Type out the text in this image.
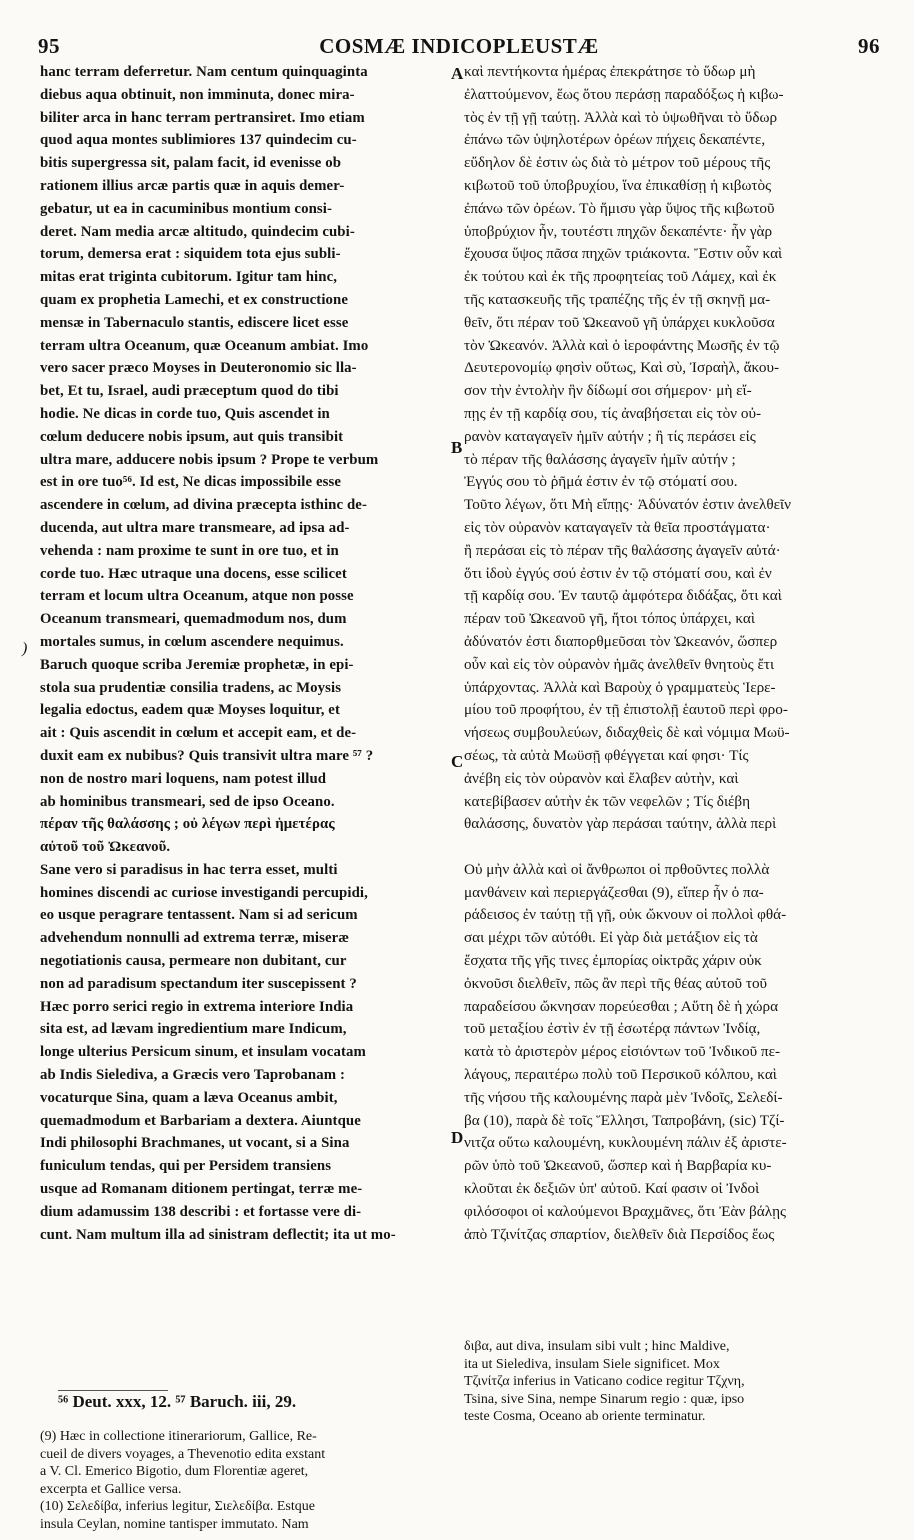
95	COSMÆ INDICOPLEUSTÆ	96
hanc terram deferretur. Nam centum quinquaginta
diebus aqua obtinuit, non imminuta, donec mira-
biliter arca in hanc terram pertransiret. Imo etiam
quod aqua montes sublimiores 137 quindecim cu-
bitis supergressa sit, palam facit, id evenisse ob
rationem illius arcæ partis quæ in aquis demer-
gebatur, ut ea in cacuminibus montium consi-
deret. Nam media arcæ altitudo, quindecim cubi-
torum, demersa erat : siquidem tota ejus subli-
mitas erat triginta cubitorum. Igitur tam hinc,
quam ex prophetia Lamechi, et ex constructione
mensæ in Tabernaculo stantis, ediscere licet esse
terram ultra Oceanum, quæ Oceanum ambiat. Imo
vero sacer præco Moyses in Deuteronomio sic lla-
bet, Et tu, Israel, audi præceptum quod do tibi
hodie. Ne dicas in corde tuo, Quis ascendet in
cœlum deducere nobis ipsum, aut quis transibit
ultra mare, adducere nobis ipsum ? Prope te verbum
est in ore tuo⁵⁶. Id est, Ne dicas impossibile esse
ascendere in cœlum, ad divina præcepta isthinc de-
ducenda, aut ultra mare transmeare, ad ipsa ad-
vehenda : nam proxime te sunt in ore tuo, et in
corde tuo. Hæc utraque una docens, esse scilicet
terram et locum ultra Oceanum, atque non posse
Oceanum transmeari, quemadmodum nos, dum
mortales sumus, in cœlum ascendere nequimus.
Baruch quoque scriba Jeremiæ prophetæ, in epi-
stola sua prudentiæ consilia tradens, ac Moysis
legalia edoctus, eadem quæ Moyses loquitur, et
ait : Quis ascendit in cœlum et accepit eam, et de-
duxit eam ex nubibus? Quis transivit ultra mare ⁵⁷ ?
non de nostro mari loquens, nam potest illud
ab hominibus transmeari, sed de ipso Oceano.
πέραν τῆς θαλάσσης ; οὐ λέγων περὶ ἡμετέρας
αὐτοῦ τοῦ Ὠκεανοῦ.
Sane vero si paradisus in hac terra esset, multi
homines discendi ac curiose investigandi percupidi,
eo usque peragrare tentassent. Nam si ad sericum
advehendum nonnulli ad extrema terræ, miseræ
negotiationis causa, permeare non dubitant, cur
non ad paradisum spectandum iter suscepissent ?
Hæc porro serici regio in extrema interiore India
sita est, ad lævam ingredientium mare Indicum,
longe ulterius Persicum sinum, et insulam vocatam
ab Indis Sielediva, a Græcis vero Taprobanam :
vocaturque Sina, quam a læva Oceanus ambit,
quemadmodum et Barbariam a dextera. Aiuntque
Indi philosophi Brachmanes, ut vocant, si a Sina
funiculum tendas, qui per Persidem transiens
usque ad Romanam ditionem pertingat, terræ me-
dium adamussim 138 describi : et fortasse vere di-
cunt. Nam multum illa ad sinistram deflectit; ita ut mo-
καὶ πεντήκοντα ἡμέρας ἐπεκράτησε τὸ ὕδωρ μὴ
ἐλαττούμενον, ἕως ὅτου περάσῃ παραδόξως ἡ κιβω-
τὸς ἐν τῇ γῇ ταύτῃ. Ἀλλὰ καὶ τὸ ὑψωθῆναι τὸ ὕδωρ
ἐπάνω τῶν ὑψηλοτέρων ὀρέων πήχεις δεκαπέντε,
εὔδηλον δὲ ἐστιν ὡς διὰ τὸ μέτρον τοῦ μέρους τῆς
κιβωτοῦ τοῦ ὑποβρυχίου, ἵνα ἐπικαθίσῃ ἡ κιβωτὸς
ἐπάνω τῶν ὀρέων. Τὸ ἥμισυ γὰρ ὕψος τῆς κιβωτοῦ
ὑποβρύχιον ἦν, τουτέστι πηχῶν δεκαπέντε· ἦν γὰρ
ἔχουσα ὕψος πᾶσα πηχῶν τριάκοντα. Ἔστιν οὖν καὶ
ἐκ τούτου καὶ ἐκ τῆς προφητείας τοῦ Λάμεχ, καὶ ἐκ
τῆς κατασκευῆς τῆς τραπέζης τῆς ἐν τῇ σκηνῇ μα-
θεῖν, ὅτι πέραν τοῦ Ὠκεανοῦ γῆ ὑπάρχει κυκλοῦσα
τὸν Ὠκεανόν. Ἀλλὰ καὶ ὁ ἱεροφάντης Μωσῆς ἐν τῷ
Δευτερονομίῳ φησὶν οὕτως, Καὶ σὺ, Ἰσραὴλ, ἄκου-
σον τὴν ἐντολὴν ἣν δίδωμί σοι σήμερον· μὴ εἴ-
πῃς ἐν τῇ καρδίᾳ σου, τίς ἀναβήσεται εἰς τὸν οὐ-
ρανὸν καταγαγεῖν ἡμῖν αὐτήν ; ἢ τίς περάσει εἰς
τὸ πέραν τῆς θαλάσσης ἀγαγεῖν ἡμῖν αὐτήν ;
Ἐγγύς σου τὸ ῥῆμά ἐστιν ἐν τῷ στόματί σου.
Τοῦτο λέγων, ὅτι Μὴ εἴπῃς· Ἀδύνατόν ἐστιν ἀνελθεῖν
εἰς τὸν οὐρανὸν καταγαγεῖν τὰ θεῖα προστάγματα·
ἢ περάσαι εἰς τὸ πέραν τῆς θαλάσσης ἀγαγεῖν αὐτά·
ὅτι ἰδοὺ ἐγγύς σού ἐστιν ἐν τῷ στόματί σου, καὶ ἐν
τῇ καρδίᾳ σου. Ἐν ταυτῷ ἀμφότερα διδάξας, ὅτι καὶ
πέραν τοῦ Ὠκεανοῦ γῆ, ἤτοι τόπος ὑπάρχει, καὶ
ἀδύνατόν ἐστι διαπορθμεῦσαι τὸν Ὠκεανόν, ὥσπερ
οὖν καὶ εἰς τὸν οὐρανὸν ἡμᾶς ἀνελθεῖν θνητοὺς ἔτι
ὑπάρχοντας. Ἀλλὰ καὶ Βαροὺχ ὁ γραμματεὺς Ἱερε-
μίου τοῦ προφήτου, ἐν τῇ ἐπιστολῇ ἑαυτοῦ περὶ φρο-
νήσεως συμβουλεύων, διδαχθεὶς δὲ καὶ νόμιμα Μωϋ-
σέως, τὰ αὐτὰ Μωϋσῇ φθέγγεται καί φησι· Τίς
ἀνέβη εἰς τὸν οὐρανὸν καὶ ἔλαβεν αὐτὴν, καὶ
κατεβίβασεν αὐτὴν ἐκ τῶν νεφελῶν ; Τίς διέβη
θαλάσσης, δυνατὸν γὰρ περάσαι ταύτην, ἀλλὰ περὶ
Οὐ μὴν ἀλλὰ καὶ οἱ ἄνθρωποι οἱ πρθοῦντες πολλὰ
μανθάνειν καὶ περιεργάζεσθαι (9), εἴπερ ἦν ὁ πα-
ράδεισος ἐν ταύτῃ τῇ γῇ, οὐκ ὤκνουν οἱ πολλοὶ φθά-
σαι μέχρι τῶν αὐτόθι. Εἰ γὰρ διὰ μετάξιον εἰς τὰ
ἔσχατα τῆς γῆς τινες ἐμπορίας οἰκτρᾶς χάριν οὐκ
ὀκνοῦσι διελθεῖν, πῶς ἂν περὶ τῆς θέας αὐτοῦ τοῦ
παραδείσου ὤκνησαν πορεύεσθαι ; Αὕτη δὲ ἡ χώρα
τοῦ μεταξίου ἐστὶν ἐν τῇ ἐσωτέρᾳ πάντων Ἰνδίᾳ,
κατὰ τὸ ἀριστερὸν μέρος εἰσιόντων τοῦ Ἰνδικοῦ πε-
λάγους, περαιτέρω πολὺ τοῦ Περσικοῦ κόλπου, καὶ
τῆς νήσου τῆς καλουμένης παρὰ μὲν Ἰνδοῖς, Σελεδί-
βα (10), παρὰ δὲ τοῖς Ἕλλησι, Ταπροβάνη, (sic) Τζί-
νιτζα οὕτω καλουμένη, κυκλουμένη πάλιν ἐξ ἀριστε-
ρῶν ὑπὸ τοῦ Ὠκεανοῦ, ὥσπερ καὶ ἡ Βαρβαρία κυ-
κλοῦται ἐκ δεξιῶν ὑπ' αὐτοῦ. Καί φασιν οἱ Ἰνδοὶ
φιλόσοφοι οἱ καλούμενοι Βραχμᾶνες, ὅτι Ἐὰν βάλῃς
ἀπὸ Τζινίτζας σπαρτίον, διελθεῖν διὰ Περσίδος ἕως
A
B
C
D
)
⁵⁶ Deut. xxx, 12. ⁵⁷ Baruch. iii, 29.
(9) Hæc in collectione itinerariorum, Gallice, Re-
cueil de divers voyages, a Thevenotio edita exstant
a V. Cl. Emerico Bigotio, dum Florentiæ ageret,
excerpta et Gallice versa.
(10) Σελεδίβα, inferius legitur, Σιελεδίβα. Estque
insula Ceylan, nomine tantisper immutato. Nam
διβα, aut diva, insulam sibi vult ; hinc Maldive,
ita ut Sielediva, insulam Siele significet. Mox
Τζινίτζα inferius in Vaticano codice regitur Τζχνη,
Tsina, sive Sina, nempe Sinarum regio : quæ, ipso
teste Cosma, Oceano ab oriente terminatur.
